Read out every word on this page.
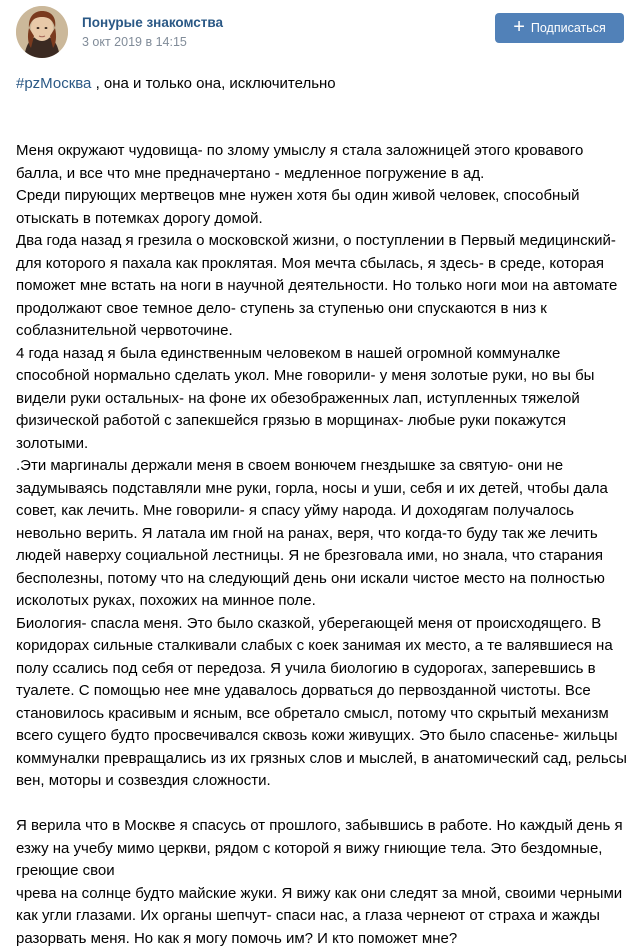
Понурые знакомства
3 окт 2019 в 14:15
+ Подписаться

#pzМосква , она и только она, исключительно

Меня окружают чудовища- по злому умыслу я стала заложницей этого кровавого балла, и все что мне предначертано - медленное погружение в ад.

Среди пирующих мертвецов мне нужен хотя бы один живой человек, способный отыскать в потемках дорогу домой.

Два года назад я грезила о московской жизни, о поступлении в Первый медицинский- для которого я пахала как проклятая. Моя мечта сбылась, я здесь- в среде, которая поможет мне встать на ноги в научной деятельности. Но только ноги мои на автомате продолжают свое темное дело- ступень за ступенью они спускаются в низ к соблазнительной червоточине.

4 года назад я была единственным человеком в нашей огромной коммуналке способной нормально сделать укол. Мне говорили- у меня золотые руки, но вы бы видели руки остальных- на фоне их обезображенных лап, иступленных тяжелой физической работой с запекшейся грязью в морщинах- любые руки покажутся золотыми.

.Эти маргиналы держали меня в своем вонючем гнездышке за святую- они не задумываясь подставляли мне руки, горла, носы и уши, себя и их детей, чтобы дала совет, как лечить. Мне говорили- я спасу уйму народа. И доходягам получалось невольно верить. Я латала им гной на ранах, веря, что когда-то буду так же лечить людей наверху социальной лестницы. Я не брезговала ими, но знала, что старания бесполезны, потому что на следующий день они искали чистое место на полностью исколотых руках, похожих на минное поле.

Биология- спасла меня. Это было сказкой, уберегающей меня от происходящего. В коридорах сильные сталкивали слабых с коек занимая их место, а те валявшиеся на полу ссались под себя от передоза. Я учила биологию в судорогах, заперевшись в туалете. С помощью нее мне удавалось дорваться до первозданной чистоты. Все становилось красивым и ясным, все обретало смысл, потому что скрытый механизм всего сущего будто просвечивался сквозь кожи живущих. Это было спасенье- жильцы коммуналки превращались из их грязных слов и мыслей, в анатомический сад, рельсы вен, моторы и созвездия сложности.

Я верила что в Москве я спасусь от прошлого, забывшись в работе. Но каждый день я езжу на учебу мимо церкви, рядом с которой я вижу гниющие тела. Это бездомные, греющие свои

чрева на солнце будто майские жуки. Я вижу как они следят за мной, своими черными как угли глазами. Их органы шепчут- спаси нас, а глаза чернеют от страха и жажды разорвать меня. Но как я могу помочь им? И кто поможет мне?
